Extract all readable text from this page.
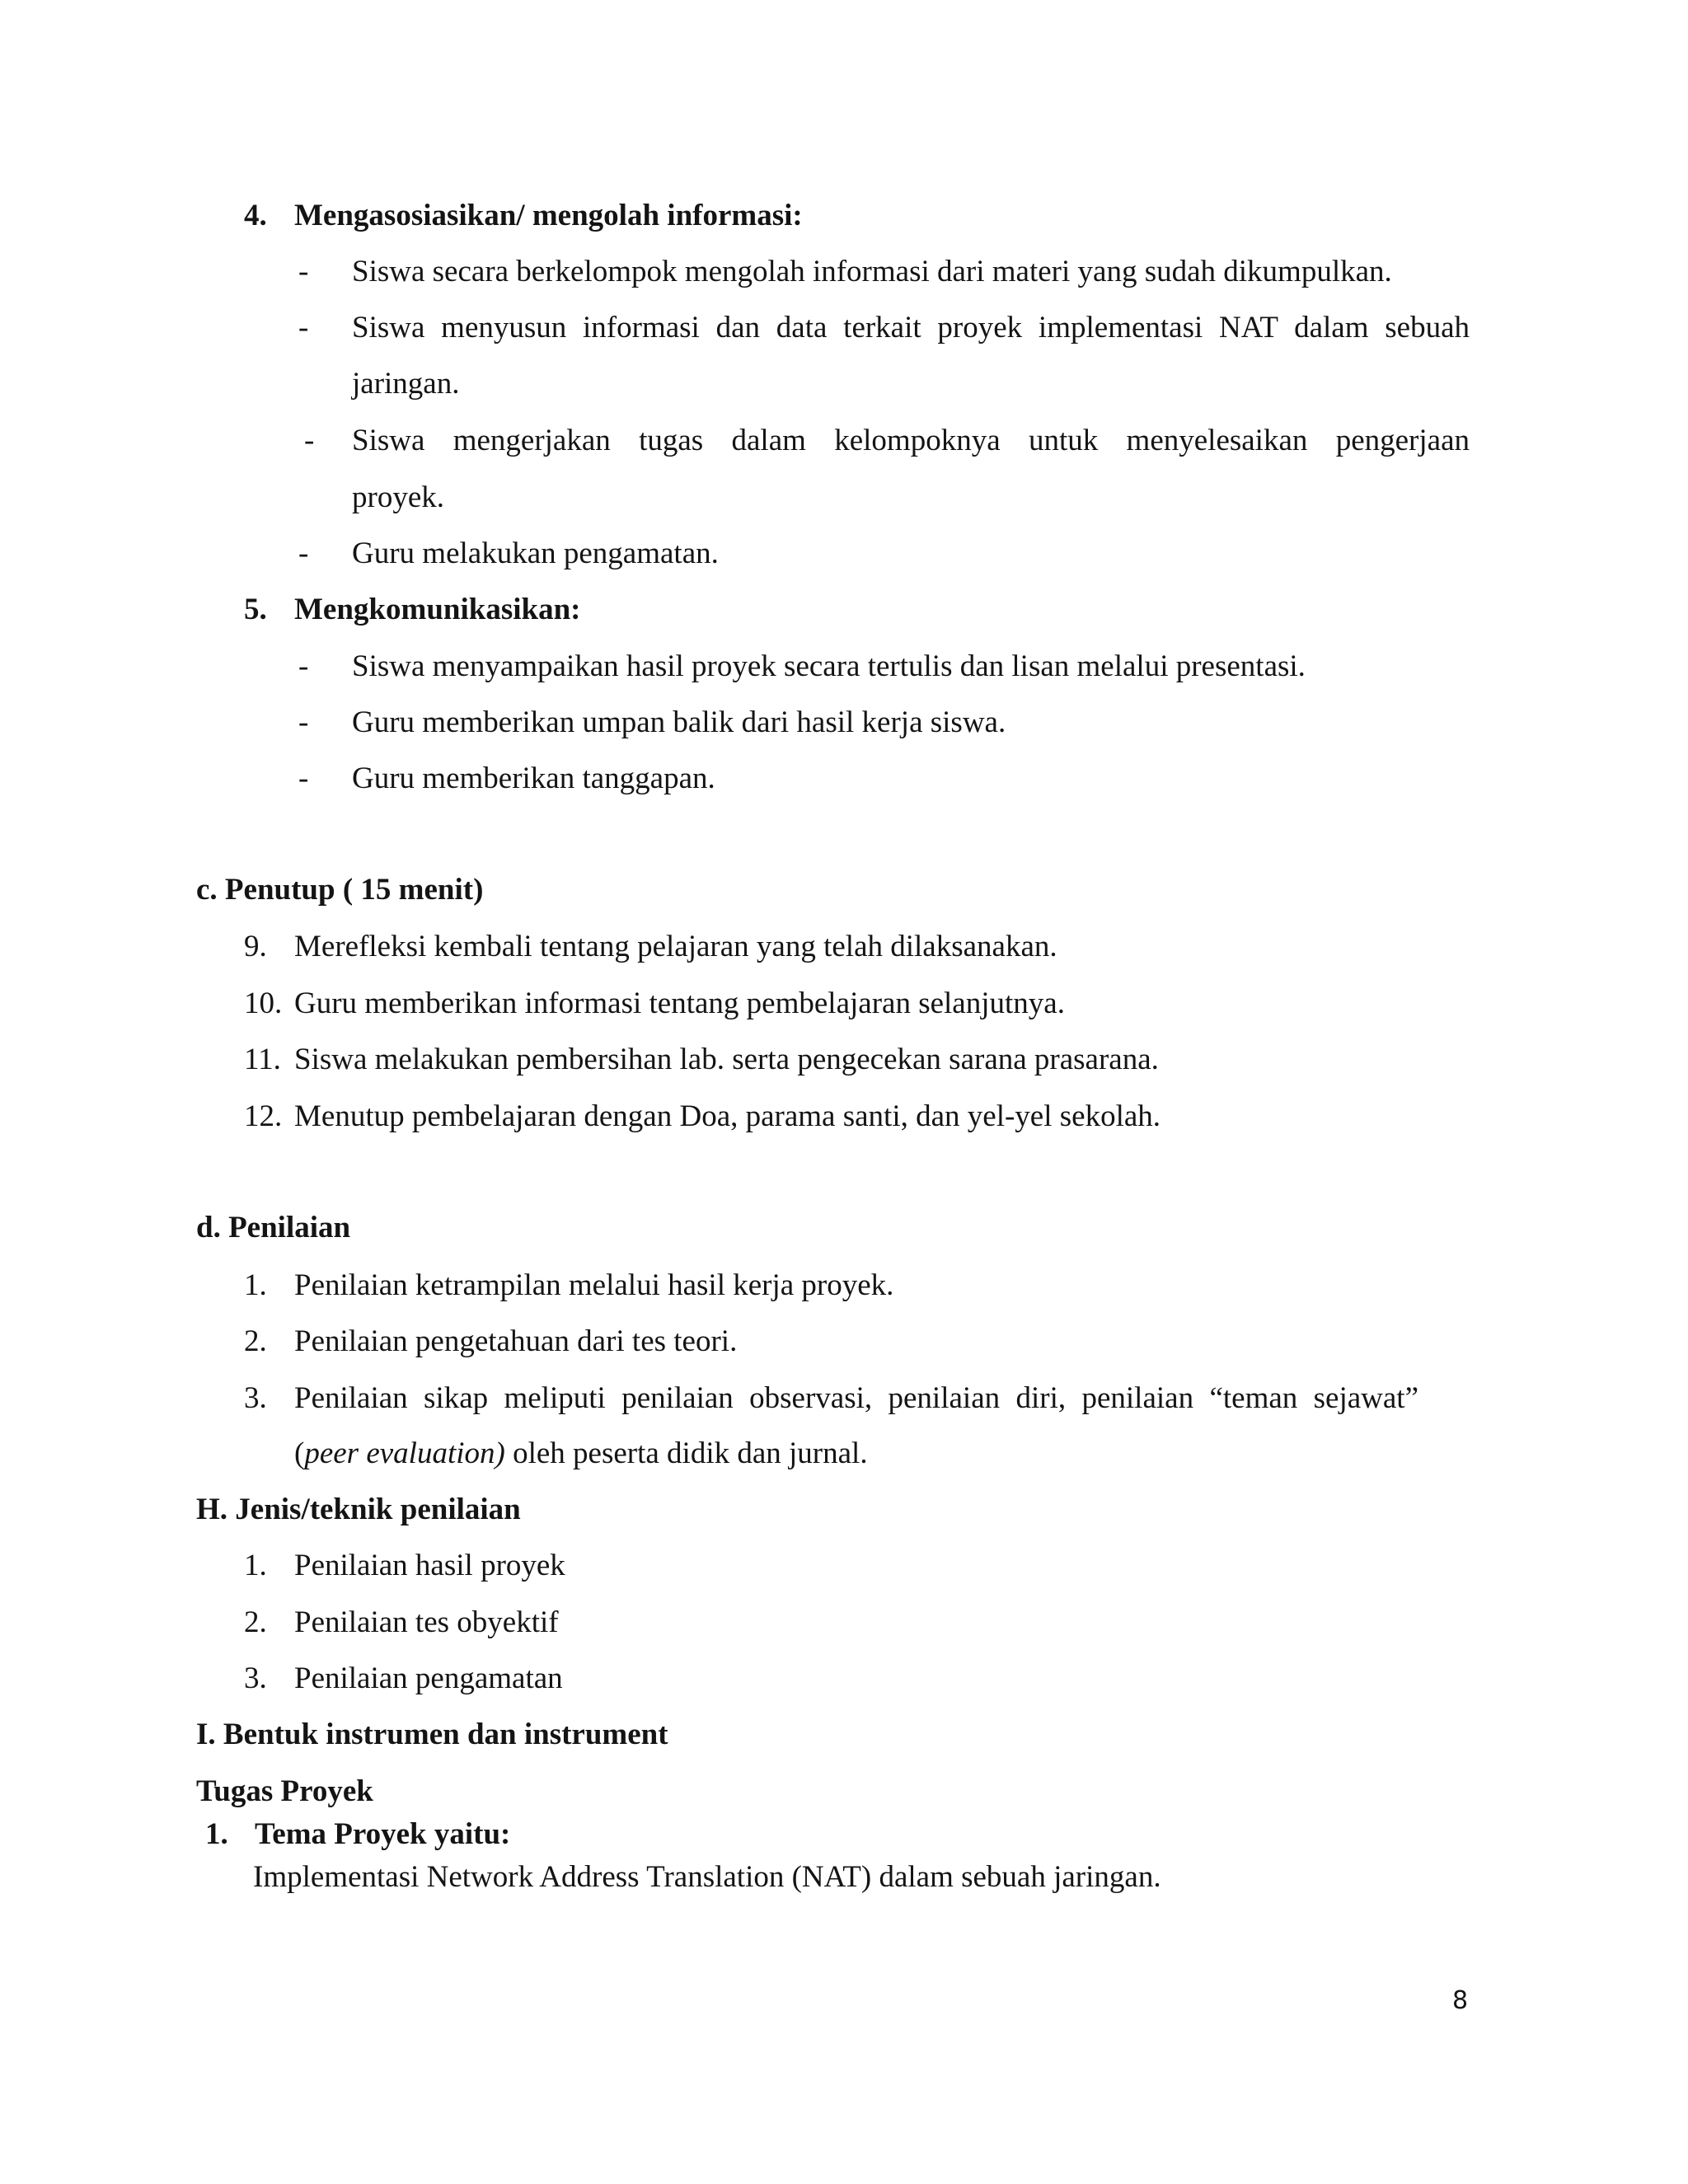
4. Mengasosiasikan/ mengolah informasi:
- Siswa secara berkelompok mengolah informasi dari materi yang sudah dikumpulkan.
- Siswa menyusun informasi dan data terkait proyek implementasi NAT dalam sebuah
jaringan.
- Siswa mengerjakan tugas dalam kelompoknya untuk menyelesaikan pengerjaan
proyek.
- Guru melakukan pengamatan.
5. Mengkomunikasikan:
- Siswa menyampaikan hasil proyek secara tertulis dan lisan melalui presentasi.
- Guru memberikan umpan balik dari hasil kerja siswa.
- Guru memberikan tanggapan.
c. Penutup ( 15 menit)
9. Merefleksi kembali tentang pelajaran yang telah dilaksanakan.
10. Guru memberikan informasi tentang pembelajaran selanjutnya.
11. Siswa melakukan pembersihan lab. serta pengecekan sarana prasarana.
12. Menutup pembelajaran dengan Doa, parama santi, dan yel-yel sekolah.
d. Penilaian
1. Penilaian ketrampilan melalui hasil kerja proyek.
2. Penilaian pengetahuan dari tes teori.
3. Penilaian sikap meliputi penilaian observasi, penilaian diri, penilaian “teman sejawat”
(peer evaluation) oleh peserta didik dan jurnal.
H. Jenis/teknik penilaian
1. Penilaian hasil proyek
2. Penilaian tes obyektif
3. Penilaian pengamatan
I. Bentuk instrumen dan instrument
Tugas Proyek
1. Tema Proyek yaitu:
Implementasi Network Address Translation (NAT) dalam sebuah jaringan.
8
